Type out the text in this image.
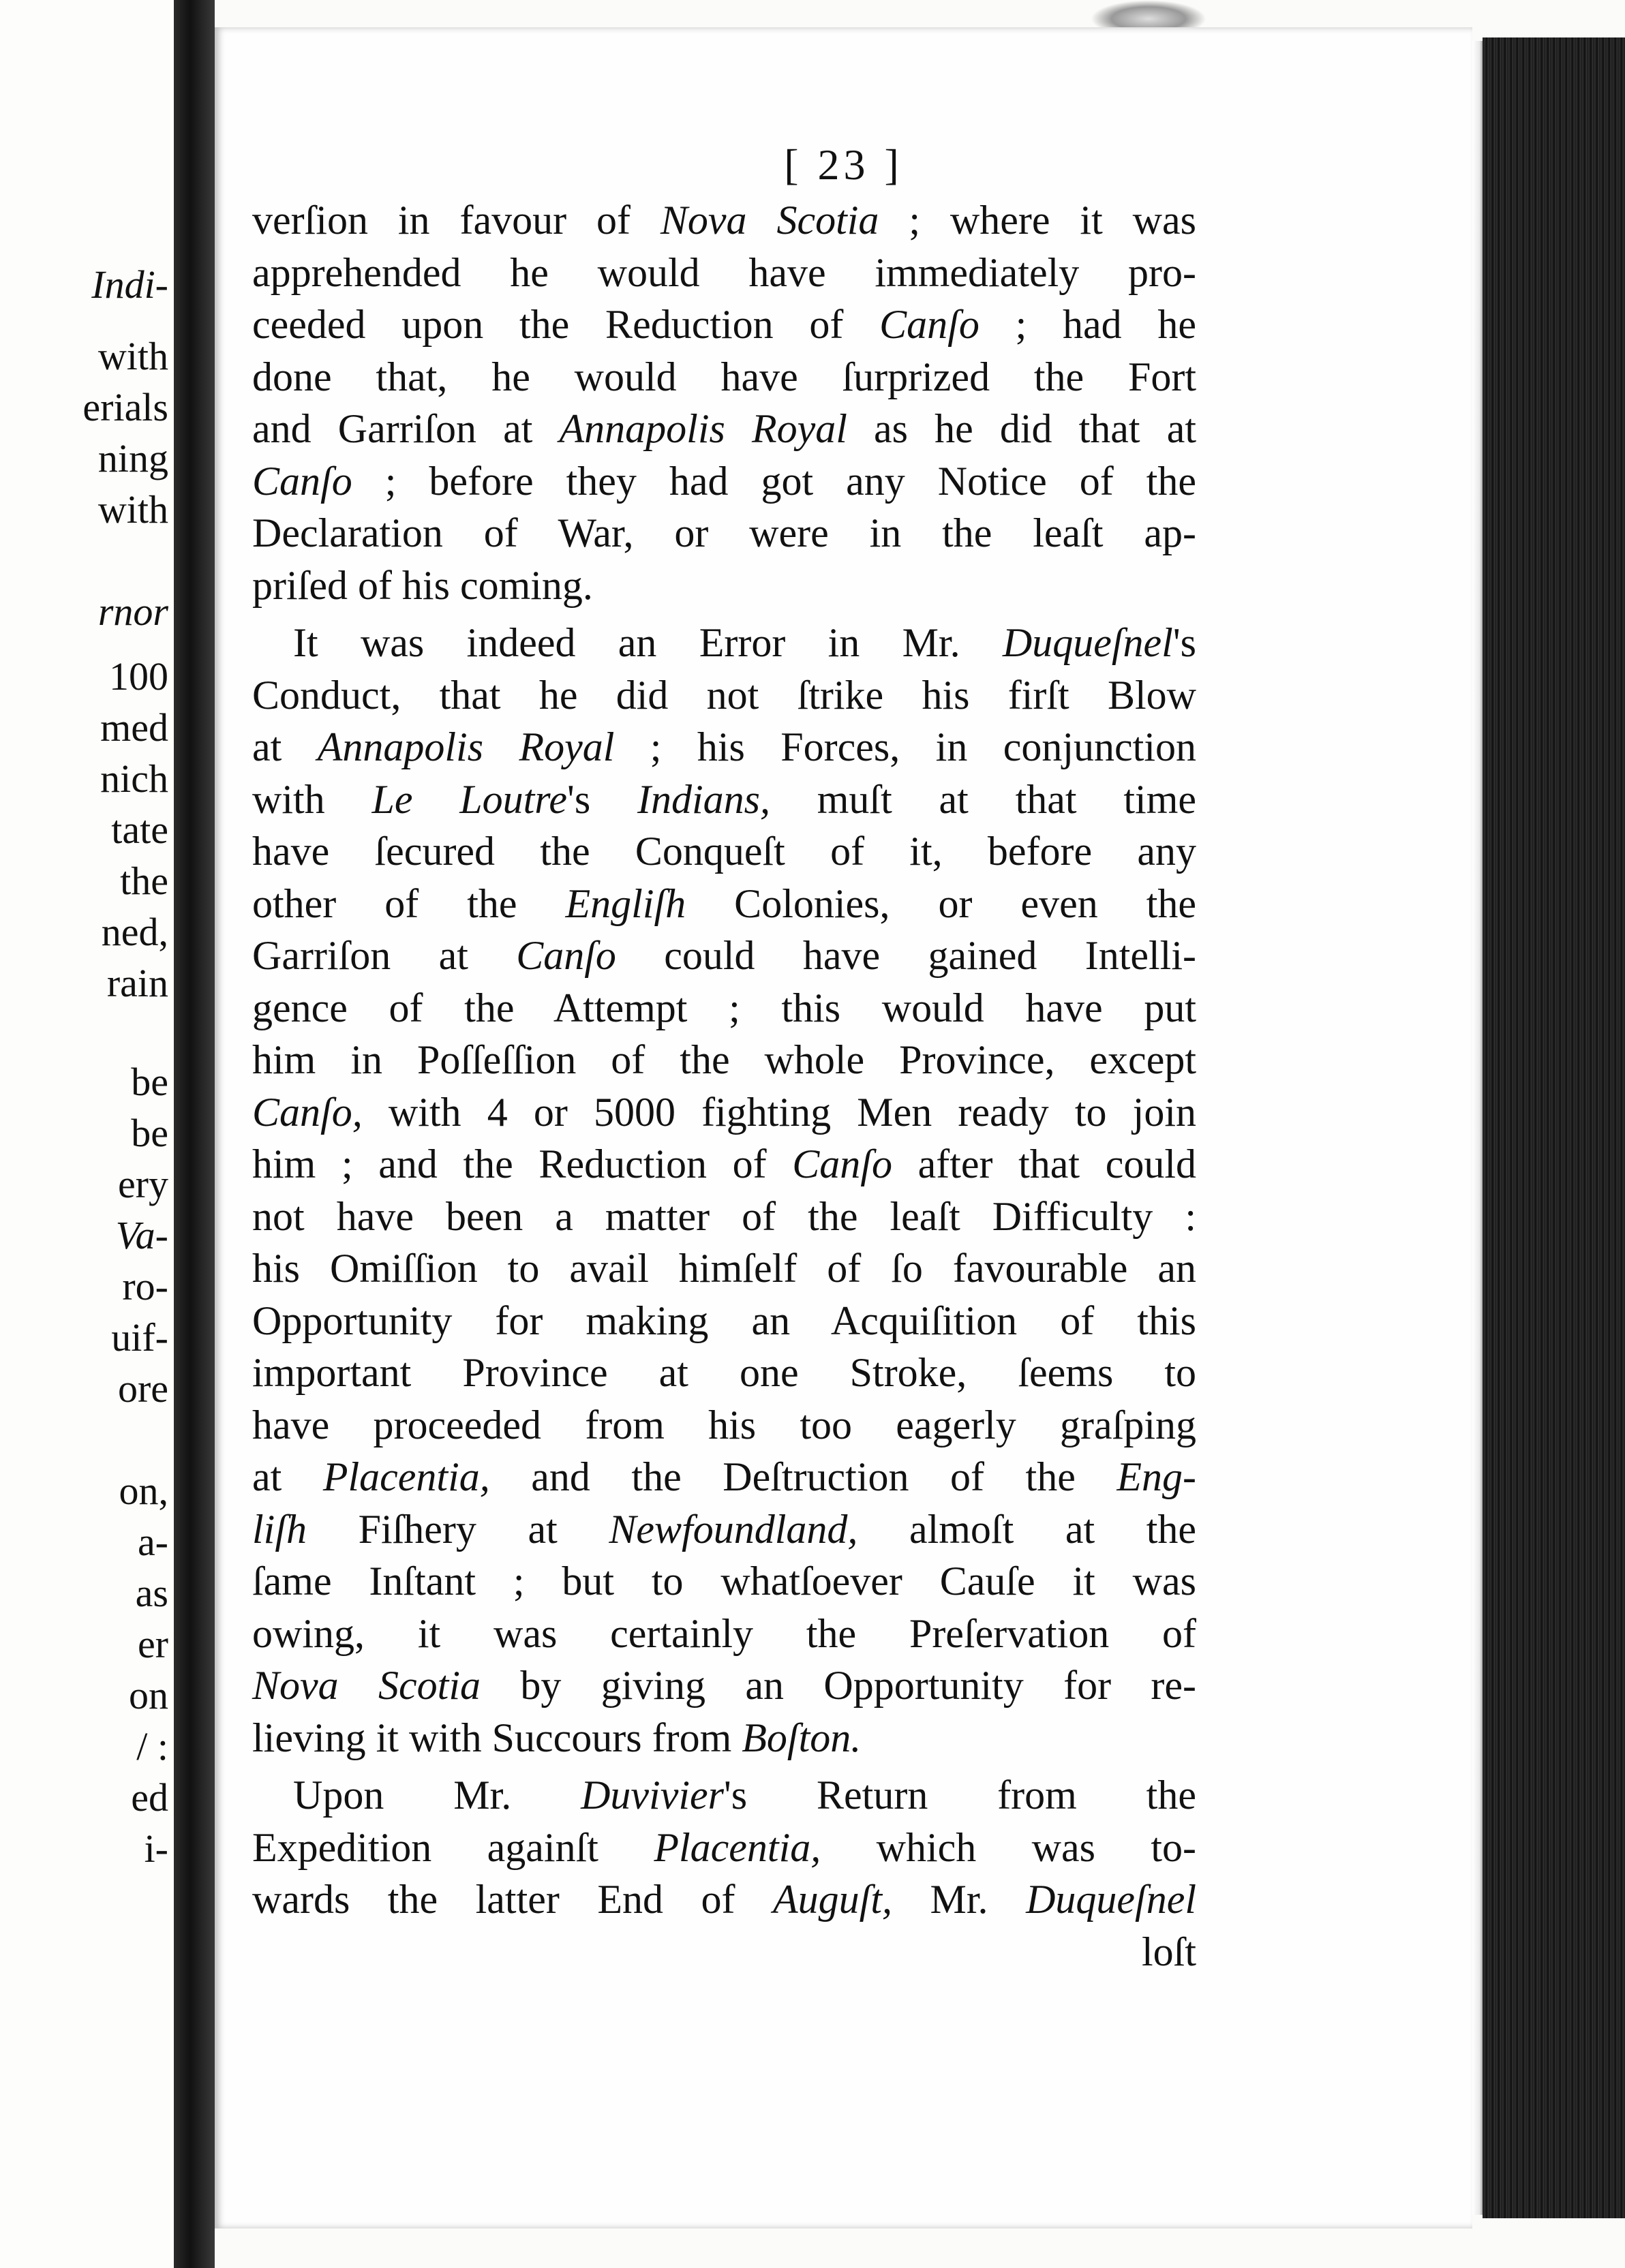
Indi-
with
erials
ning
with
rnor
100
med
nich
tate
the
ned,
rain
be
be
ery
Va-
ro-
uif-
ore
on,
a-
as
er
on
/ :
ed
i-
[ 23 ]
verſion in favour of Nova Scotia ; where it was
apprehended he would have immediately pro-
ceeded upon the Reduction of Canſo ; had he
done that, he would have ſurprized the Fort
and Garriſon at Annapolis Royal as he did that at
Canſo ; before they had got any Notice of the
Declaration of War, or were in the leaſt ap-
priſed of his coming.
It was indeed an Error in Mr. Duqueſnel's
Conduct, that he did not ſtrike his firſt Blow
at Annapolis Royal ; his Forces, in conjunction
with Le Loutre's Indians, muſt at that time
have ſecured the Conqueſt of it, before any
other of the Engliſh Colonies, or even the
Garriſon at Canſo could have gained Intelli-
gence of the Attempt ; this would have put
him in Poſſeſſion of the whole Province, except
Canſo, with 4 or 5000 fighting Men ready to join
him ; and the Reduction of Canſo after that could
not have been a matter of the leaſt Difficulty :
his Omiſſion to avail himſelf of ſo favourable an
Opportunity for making an Acquiſition of this
important Province at one Stroke, ſeems to
have proceeded from his too eagerly graſping
at Placentia, and the Deſtruction of the Eng-
liſh Fiſhery at Newfoundland, almoſt at the
ſame Inſtant ; but to whatſoever Cauſe it was
owing, it was certainly the Preſervation of
Nova Scotia by giving an Opportunity for re-
lieving it with Succours from Boſton.
Upon Mr. Duvivier's Return from the
Expedition againſt Placentia, which was to-
wards the latter End of Auguſt, Mr. Duqueſnel
loſt
